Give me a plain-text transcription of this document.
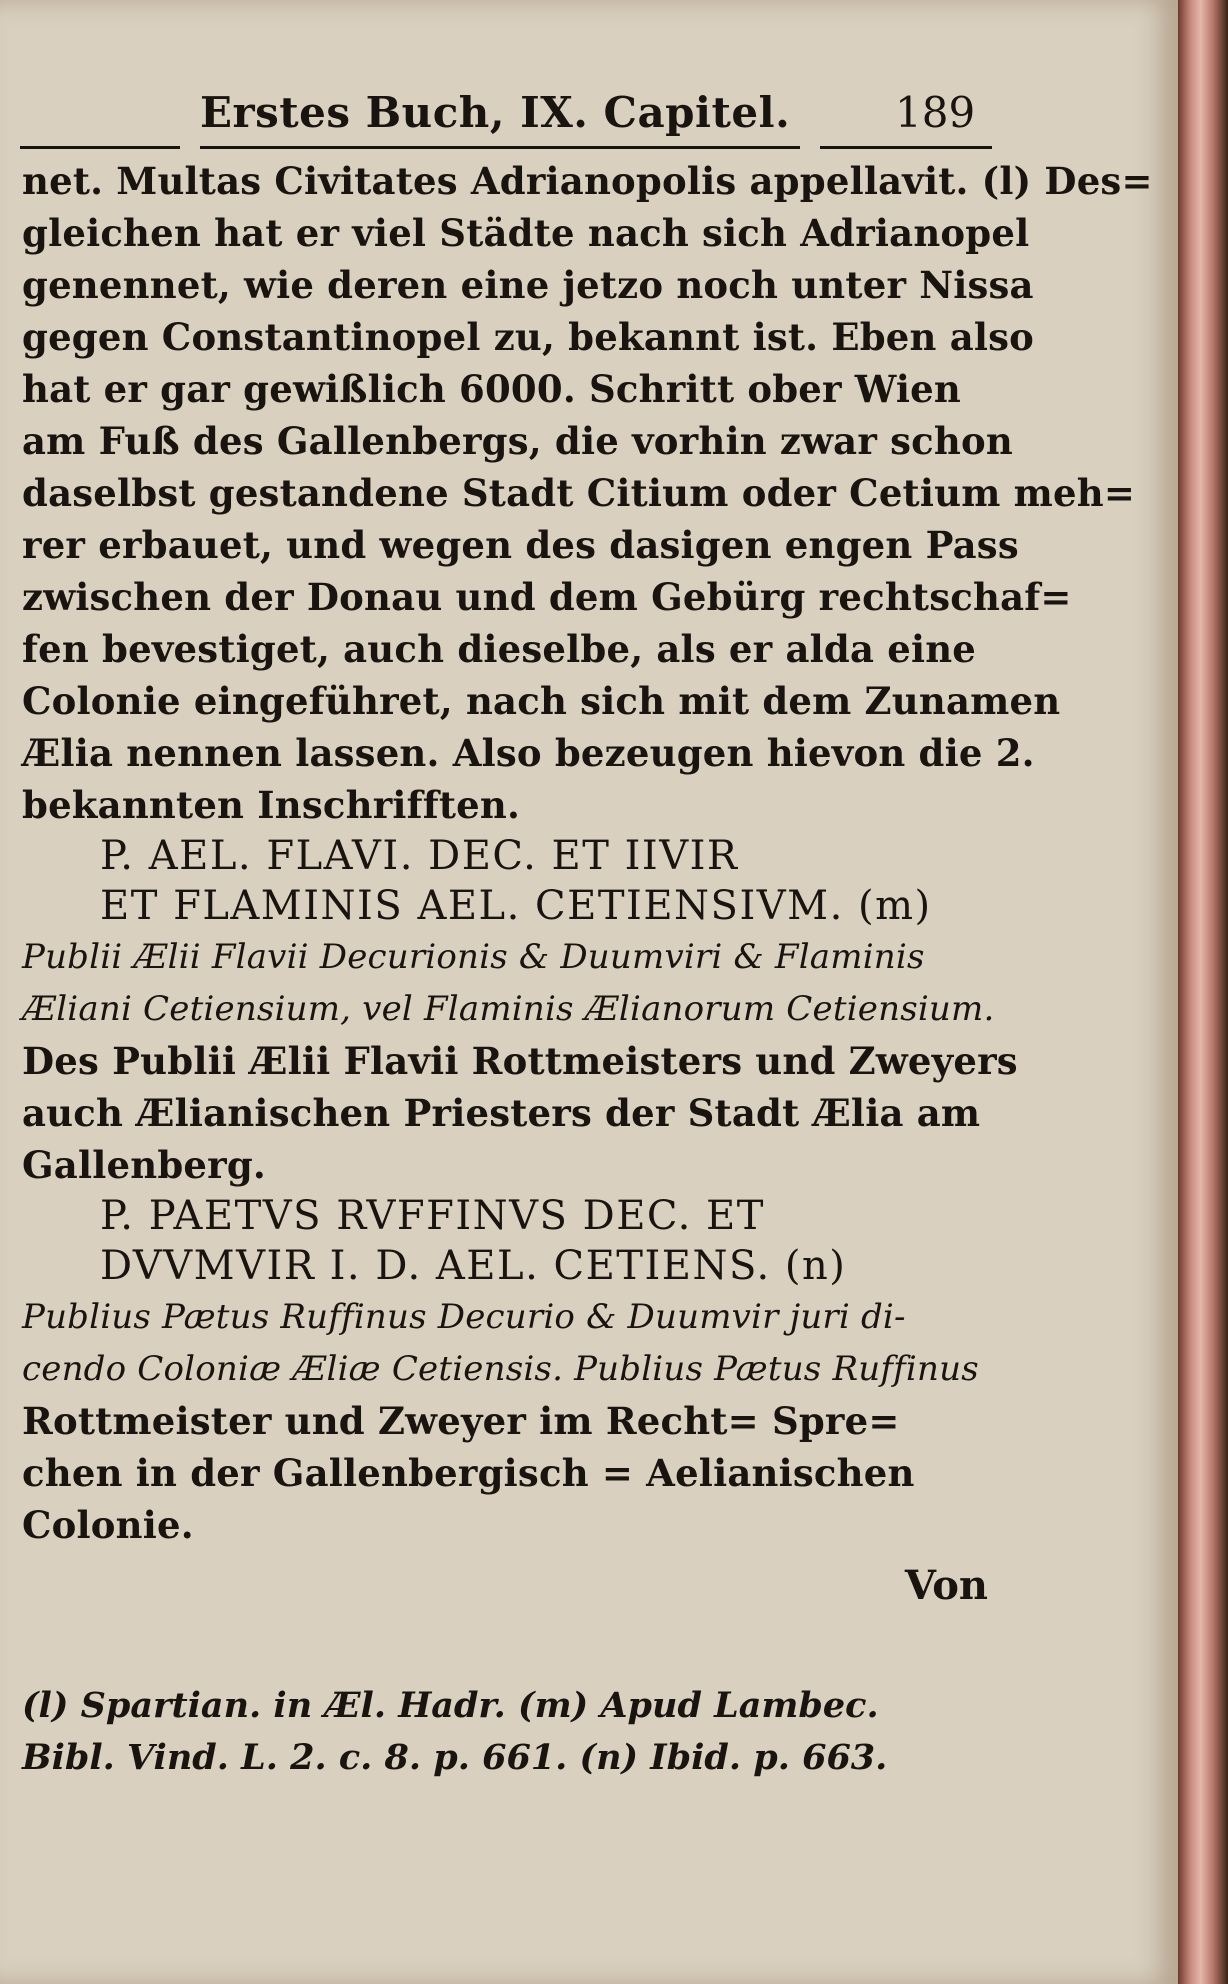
Erstes Buch, IX. Capitel. 189
net. Multas Civitates Adrianopolis appellavit. (l) Des=
gleichen hat er viel Städte nach sich Adrianopel
genennet, wie deren eine jetzo noch unter Nissa
gegen Constantinopel zu, bekannt ist. Eben also
hat er gar gewißlich 6000. Schritt ober Wien
am Fuß des Gallenbergs, die vorhin zwar schon
daselbst gestandene Stadt Citium oder Cetium meh=
rer erbauet, und wegen des dasigen engen Pass
zwischen der Donau und dem Gebürg rechtschaf=
fen bevestiget, auch dieselbe, als er alda eine
Colonie eingeführet, nach sich mit dem Zunamen
Ælia nennen lassen. Also bezeugen hievon die 2.
bekannten Inschrifften.
P. AEL. FLAVI. DEC. ET IIVIR
ET FLAMINIS AEL. CETIENSIVM. (m)
Publii Ælii Flavii Decurionis & Duumviri & Flaminis
Æliani Cetiensium, vel Flaminis Ælianorum Cetiensium.
Des Publii Ælii Flavii Rottmeisters und Zweyers
auch Ælianischen Priesters der Stadt Ælia am
Gallenberg.
P. PAETVS RVFFINVS DEC. ET
DVVMVIR I. D. AEL. CETIENS. (n)
Publius Pætus Ruffinus Decurio & Duumvir juri di-
cendo Coloniæ Æliæ Cetiensis. Publius Pætus Ruffinus
Rottmeister und Zweyer im Recht= Spre=
chen in der Gallenbergisch = Aelianischen
Colonie.
Von
(l) Spartian. in Æl. Hadr. (m) Apud Lambec.
Bibl. Vind. L. 2. c. 8. p. 661. (n) Ibid. p. 663.
